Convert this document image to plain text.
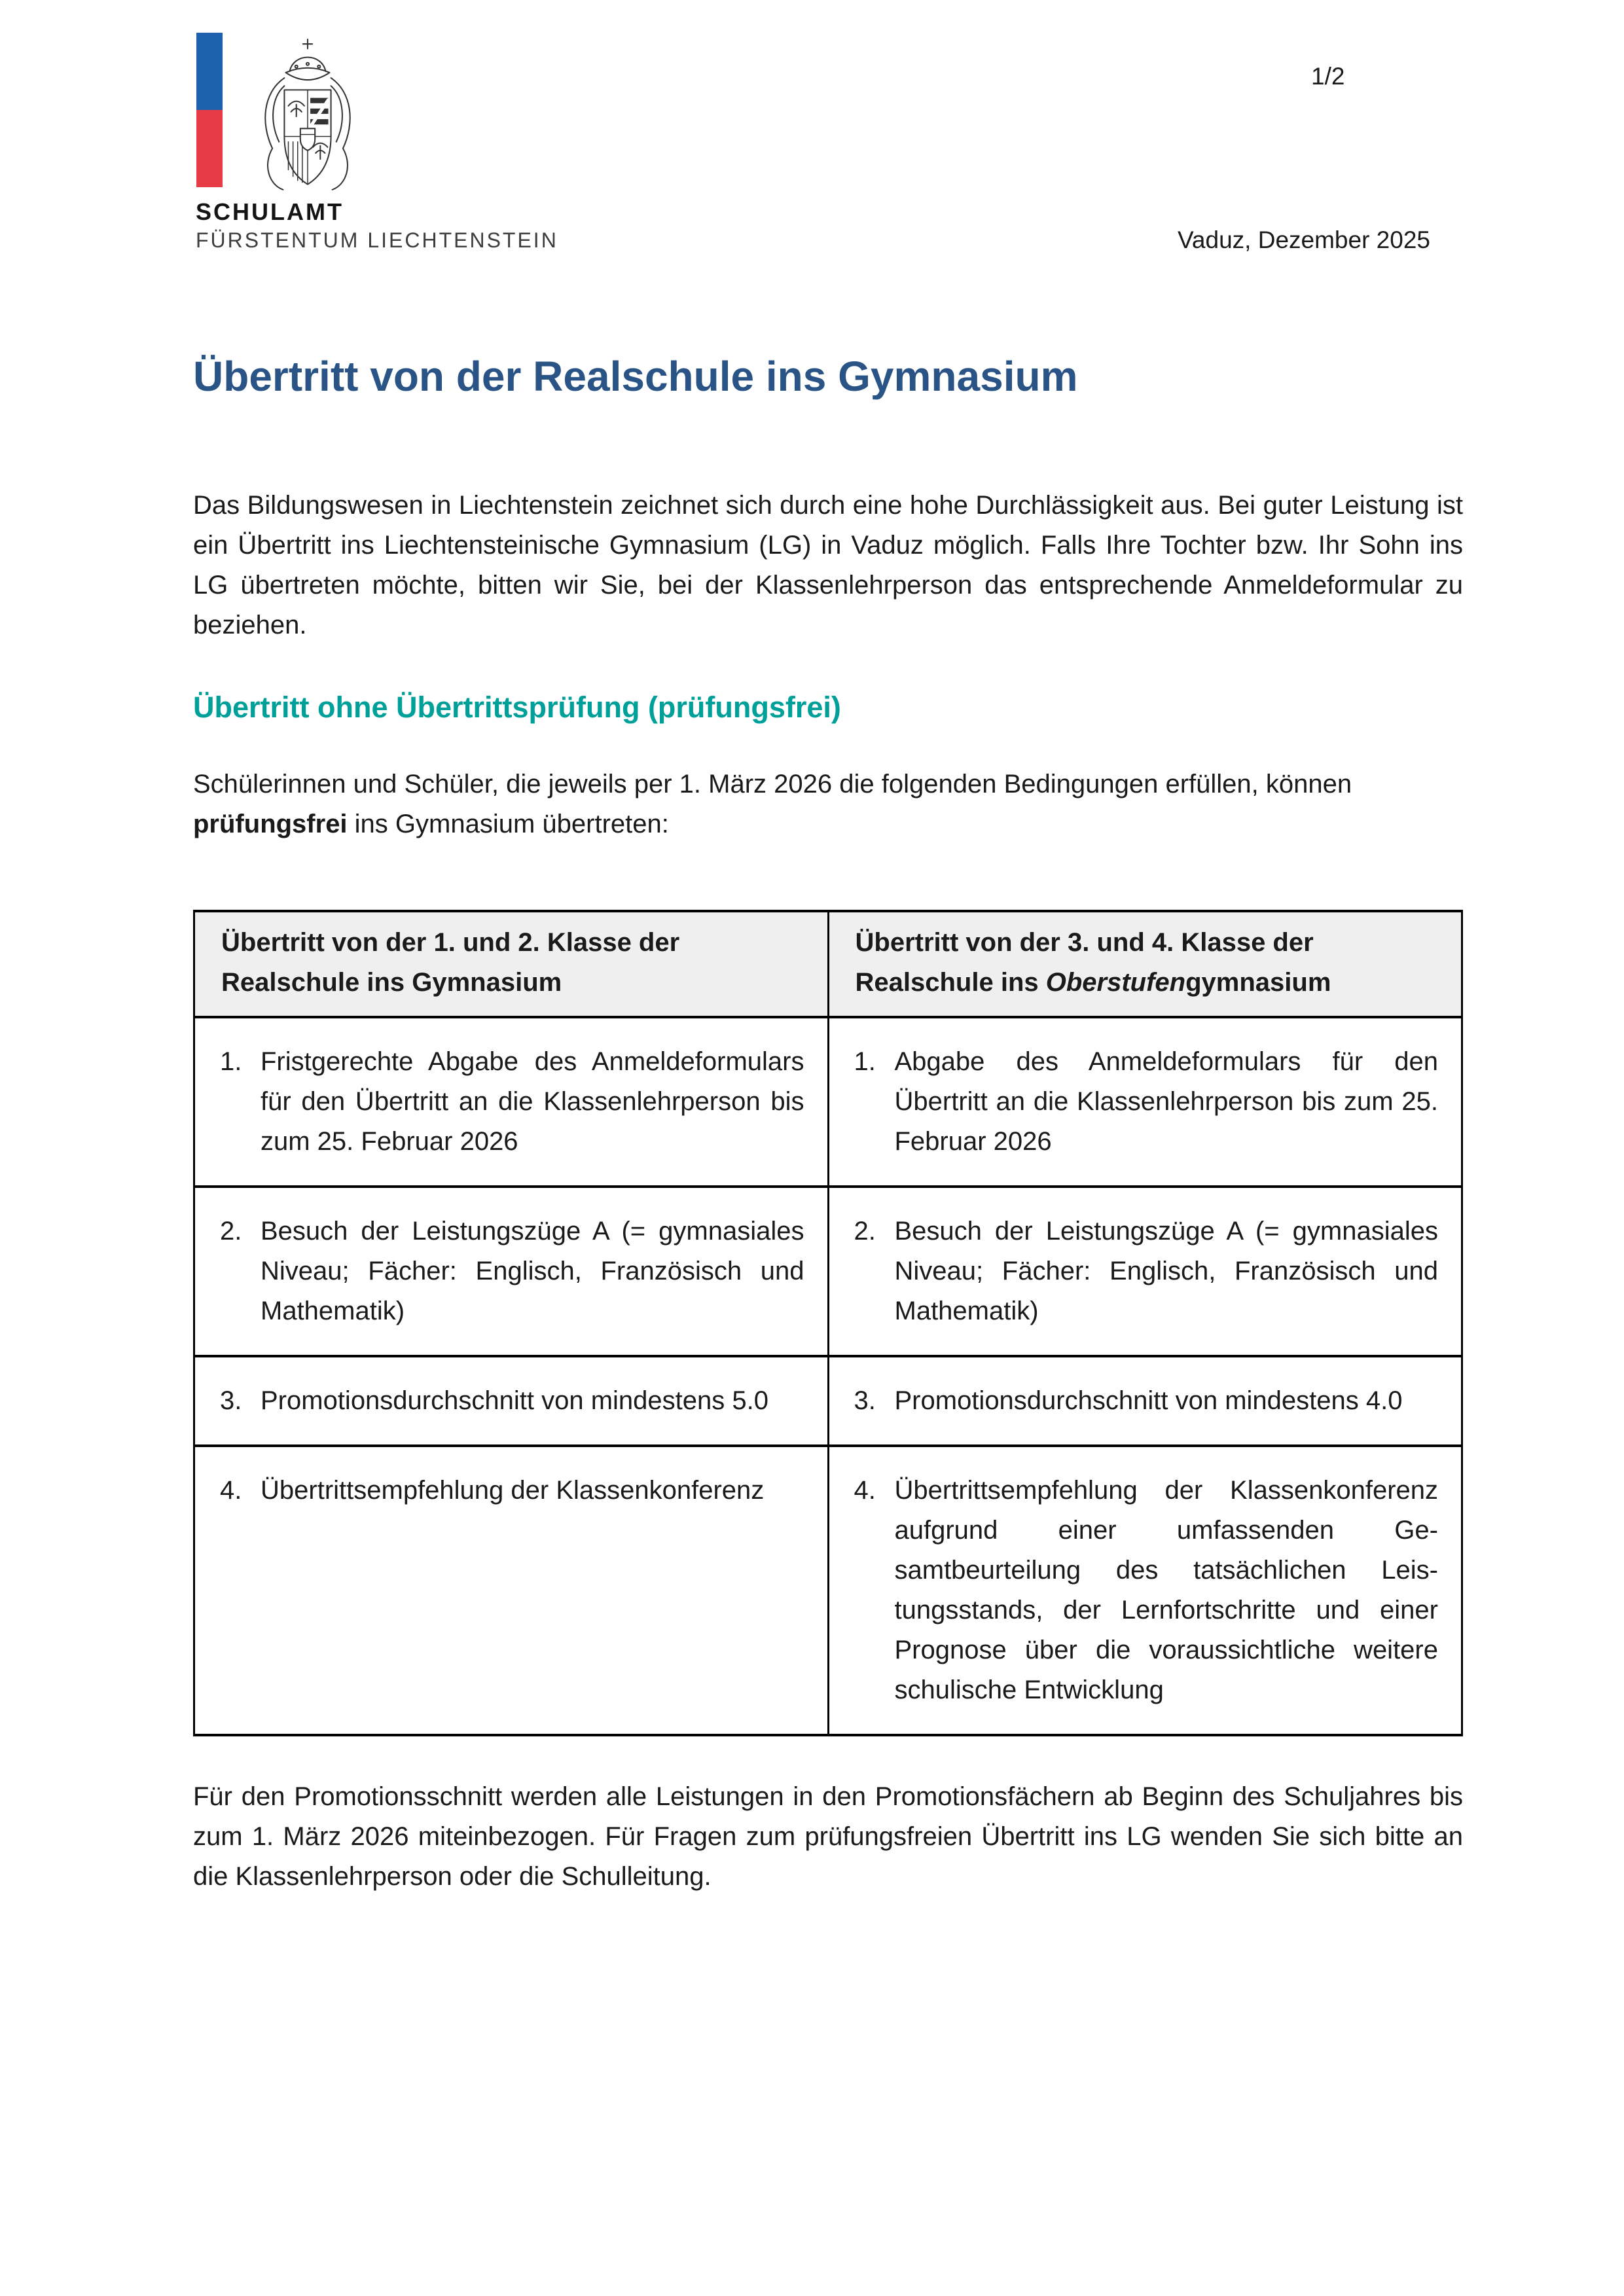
SCHULAMT
FÜRSTENTUM LIECHTENSTEIN
1/2
Vaduz, Dezember 2025
Übertritt von der Realschule ins Gymnasium

Das Bildungswesen in Liechtenstein zeichnet sich durch eine hohe Durchlässigkeit aus. Bei guter Leistung ist ein Übertritt ins Liechtensteinische Gymnasium (LG) in Vaduz möglich. Falls Ihre Tochter bzw. Ihr Sohn ins LG übertreten möchte, bitten wir Sie, bei der Klassenlehrperson das entsprechende Anmeldeformular zu beziehen.

Übertritt ohne Übertrittsprüfung (prüfungsfrei)

Schülerinnen und Schüler, die jeweils per 1. März 2026 die folgenden Bedingungen erfüllen, können prüfungsfrei ins Gymnasium übertreten:

Übertritt von der 1. und 2. Klasse der Realschule ins Gymnasium	Übertritt von der 3. und 4. Klasse der Realschule ins Oberstufengymnasium

1. Fristgerechte Abgabe des Anmeldeformulars für den Übertritt an die Klassenlehrperson bis zum 25. Februar 2026	1. Abgabe des Anmeldeformulars für den Übertritt an die Klassenlehrperson bis zum 25. Februar 2026

2. Besuch der Leistungszüge A (= gymnasiales Niveau; Fächer: Englisch, Französisch und Mathematik)	2. Besuch der Leistungszüge A (= gymnasiales Niveau; Fächer: Englisch, Französisch und Mathematik)

3. Promotionsdurchschnitt von mindestens 5.0	3. Promotionsdurchschnitt von mindestens 4.0

4. Übertrittsempfehlung der Klassenkonferenz	4. Übertrittsempfehlung der Klassenkonferenz aufgrund einer umfassenden Gesamtbeurteilung des tatsächlichen Leistungsstands, der Lernfortschritte und einer Prognose über die voraussichtliche weitere schulische Entwicklung

Für den Promotionsschnitt werden alle Leistungen in den Promotionsfächern ab Beginn des Schuljahres bis zum 1. März 2026 miteinbezogen. Für Fragen zum prüfungsfreien Übertritt ins LG wenden Sie sich bitte an die Klassenlehrperson oder die Schulleitung.
